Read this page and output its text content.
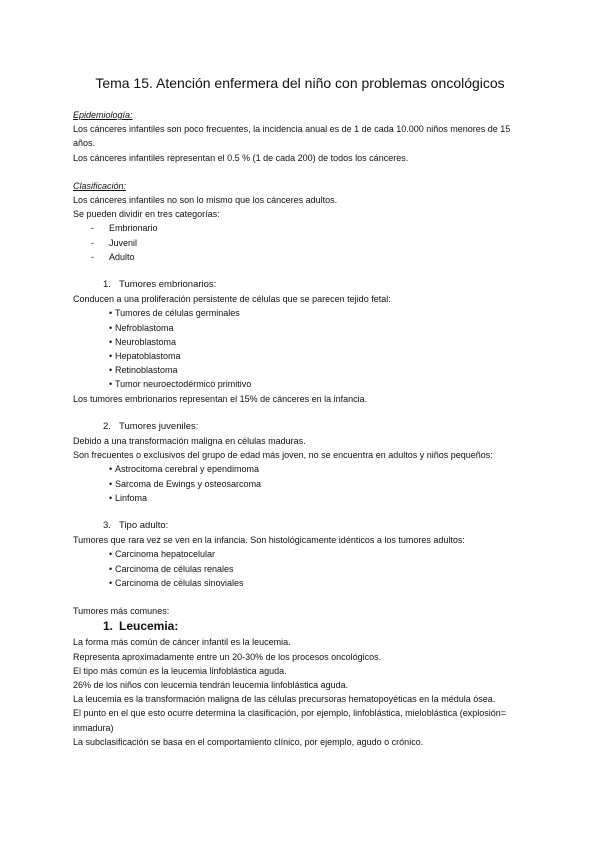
Tema 15. Atención enfermera del niño con problemas oncológicos
Epidemiología:
Los cánceres infantiles son poco frecuentes, la incidencia anual es de 1 de cada 10.000 niños menores de 15
años.
Los cánceres infantiles representan el 0.5 % (1 de cada 200) de todos los cánceres.
Clasificación:
Los cánceres infantiles no son lo mismo que los cánceres adultos.
Se pueden dividir en tres categorías:
- Embrionario
- Juvenil
- Adulto
1. Tumores embrionarios:
Conducen a una proliferación persistente de células que se parecen tejido fetal:
• Tumores de células germinales
• Nefroblastoma
• Neuroblastoma
• Hepatoblastoma
• Retinoblastoma
• Tumor neuroectodérmico primitivo
Los tumores embrionarios representan el 15% de cánceres en la infancia.
2. Tumores juveniles:
Debido a una transformación maligna en células maduras.
Son frecuentes o exclusivos del grupo de edad más joven, no se encuentra en adultos y niños pequeños:
• Astrocitoma cerebral y ependimoma
• Sarcoma de Ewings y osteosarcoma
• Linfoma
3. Tipo adulto:
Tumores que rara vez se ven en la infancia. Son histológicamente idénticos a los tumores adultos:
• Carcinoma hepatocelular
• Carcinoma de células renales
• Carcinoma de células sinoviales
Tumores más comunes:
1. Leucemia:
La forma más común de cáncer infantil es la leucemia.
Representa aproximadamente entre un 20-30% de los procesos oncológicos.
El tipo más común es la leucemia linfoblástica aguda.
26% de los niños con leucemia tendrán leucemia linfoblástica aguda.
La leucemia es la transformación maligna de las células precursoras hematopoyéticas en la médula ósea.
El punto en el que esto ocurre determina la clasificación, por ejemplo, linfoblástica, mieloblástica (explosión=
inmadura)
La subclasificación se basa en el comportamiento clínico, por ejemplo, agudo o crónico.
